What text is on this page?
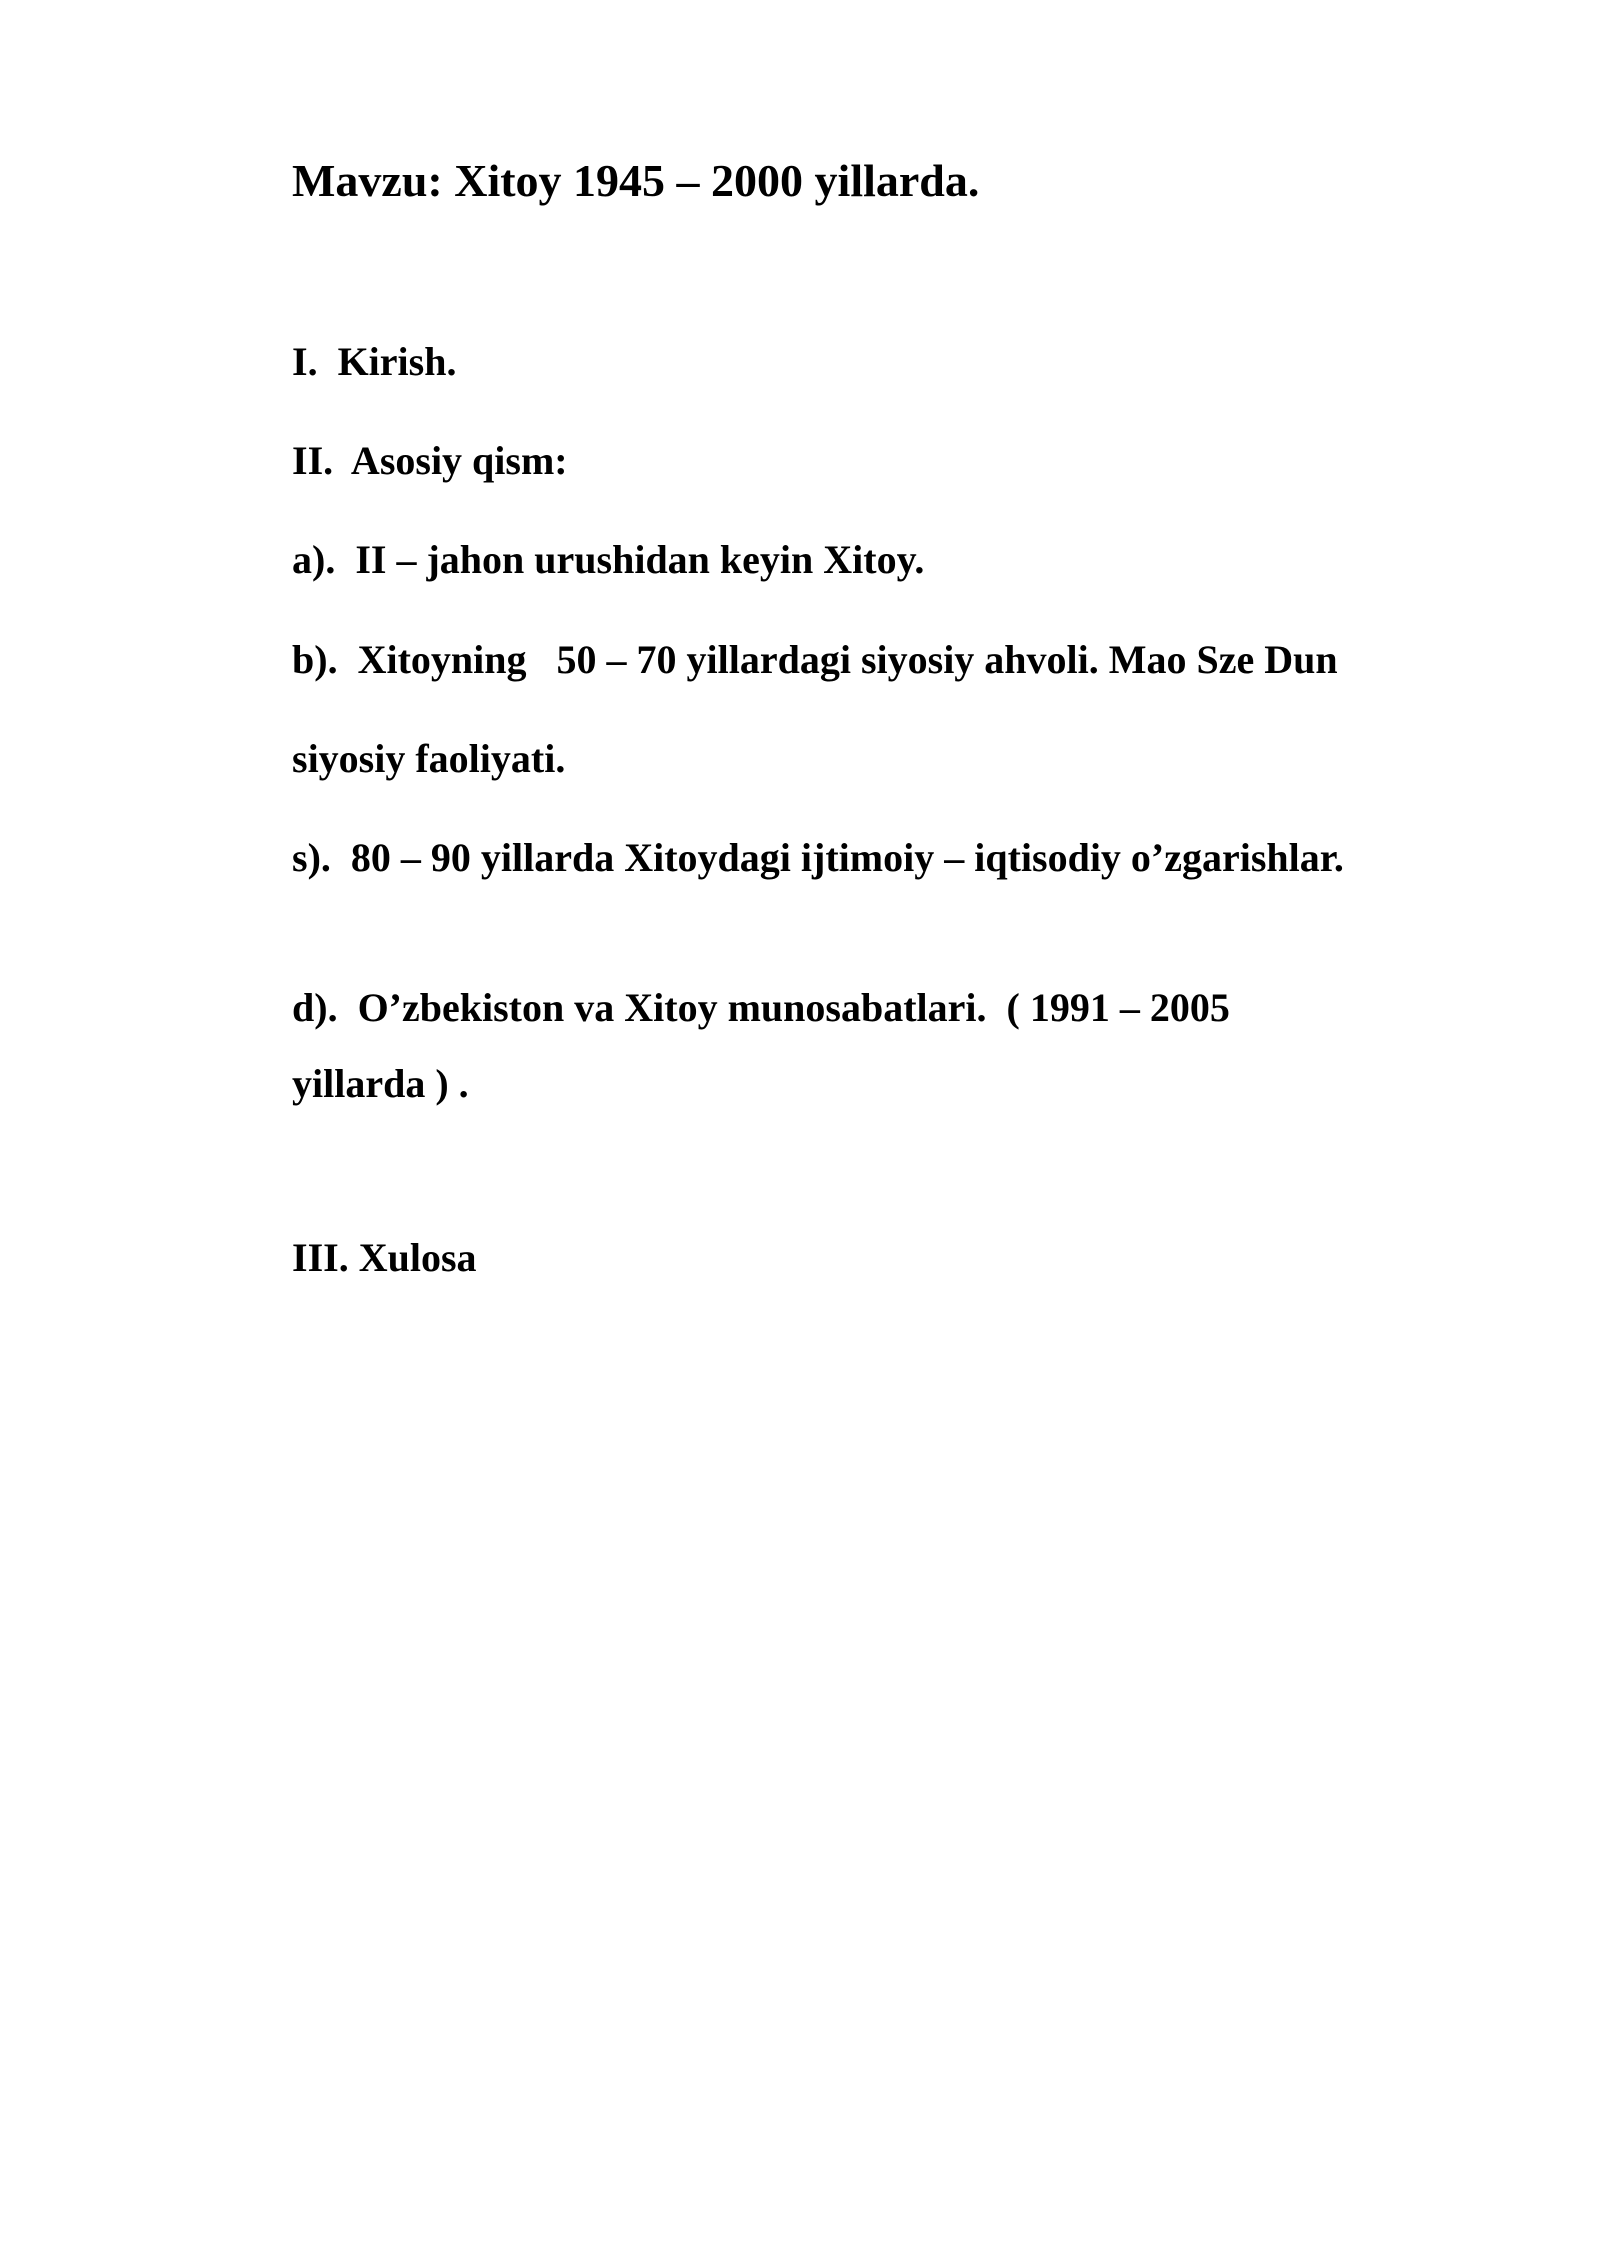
Mavzu: Xitoy 1945 – 2000 yillarda.

I.  Kirish.

II.  Asosiy qism:

a).  II – jahon urushidan keyin Xitoy.

b).  Xitoyning   50 – 70 yillardagi siyosiy ahvoli. Mao Sze Dun

siyosiy faoliyati.

s).  80 – 90 yillarda Xitoydagi ijtimoiy – iqtisodiy o’zgarishlar.

d).  O’zbekiston va Xitoy munosabatlari.  ( 1991 – 2005

yillarda ) .

III. Xulosa
